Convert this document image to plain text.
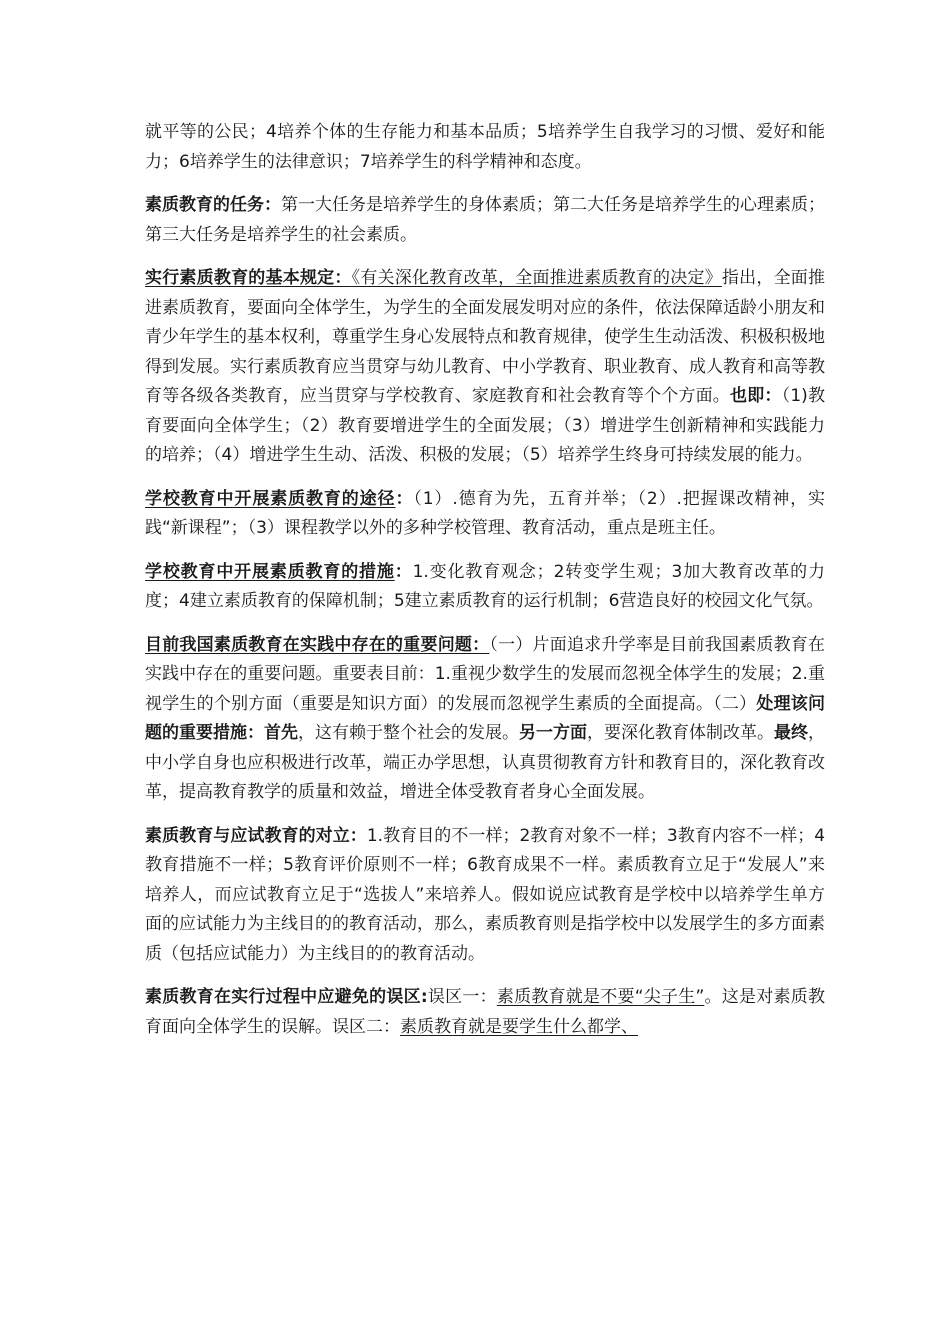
就平等的公民；4培养个体的生存能力和基本品质；5培养学生自我学习的习惯、爱好和能力；6培养学生的法律意识；7培养学生的科学精神和态度。

素质教育的任务：第一大任务是培养学生的身体素质；第二大任务是培养学生的心理素质；第三大任务是培养学生的社会素质。

实行素质教育的基本规定：《有关深化教育改革，全面推进素质教育的决定》指出，全面推进素质教育，要面向全体学生，为学生的全面发展发明对应的条件，依法保障适龄小朋友和青少年学生的基本权利，尊重学生身心发展特点和教育规律，使学生生动活泼、积极积极地得到发展。实行素质教育应当贯穿与幼儿教育、中小学教育、职业教育、成人教育和高等教育等各级各类教育，应当贯穿与学校教育、家庭教育和社会教育等个个方面。也即：（1)教育要面向全体学生；（2）教育要增进学生的全面发展；（3）增进学生创新精神和实践能力的培养；（4）增进学生生动、活泼、积极的发展；（5）培养学生终身可持续发展的能力。

学校教育中开展素质教育的途径：（1）.德育为先，五育并举；（2）.把握课改精神，实践“新课程”；（3）课程教学以外的多种学校管理、教育活动，重点是班主任。

学校教育中开展素质教育的措施：1.变化教育观念；2转变学生观；3加大教育改革的力度；4建立素质教育的保障机制；5建立素质教育的运行机制；6营造良好的校园文化气氛。

目前我国素质教育在实践中存在的重要问题：（一）片面追求升学率是目前我国素质教育在实践中存在的重要问题。重要表目前：1.重视少数学生的发展而忽视全体学生的发展；2.重视学生的个别方面（重要是知识方面）的发展而忽视学生素质的全面提高。（二）处理该问题的重要措施：首先，这有赖于整个社会的发展。另一方面，要深化教育体制改革。最终，中小学自身也应积极进行改革，端正办学思想，认真贯彻教育方针和教育目的，深化教育改革，提高教育教学的质量和效益，增进全体受教育者身心全面发展。

素质教育与应试教育的对立：1.教育目的不一样；2教育对象不一样；3教育内容不一样；4教育措施不一样；5教育评价原则不一样；6教育成果不一样。素质教育立足于“发展人”来培养人，而应试教育立足于“选拔人”来培养人。假如说应试教育是学校中以培养学生单方面的应试能力为主线目的的教育活动，那么，素质教育则是指学校中以发展学生的多方面素质（包括应试能力）为主线目的的教育活动。

素质教育在实行过程中应避免的误区:误区一：素质教育就是不要“尖子生”。这是对素质教育面向全体学生的误解。误区二：素质教育就是要学生什么都学、
